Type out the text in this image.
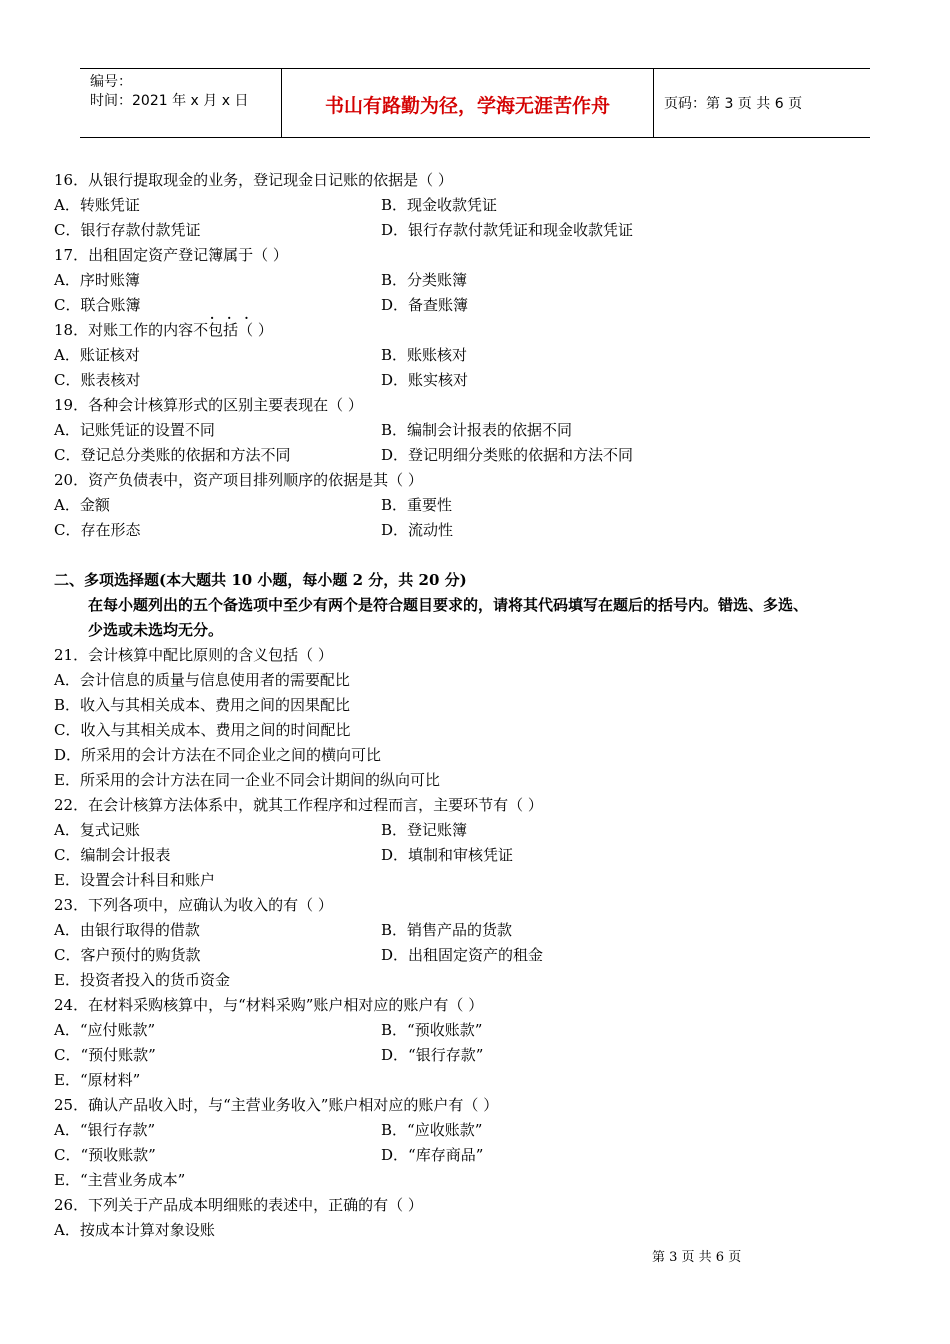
编号：
时间：2021 年 x 月 x 日	书山有路勤为径，学海无涯苦作舟	页码：第 3 页 共 6 页
16．从银行提取现金的业务，登记现金日记账的依据是（ ）
A．转账凭证	B．现金收款凭证
C．银行存款付款凭证	D．银行存款付款凭证和现金收款凭证
17．出租固定资产登记簿属于（ ）
A．序时账簿	B．分类账簿
C．联合账簿	D．备查账簿
18．对账工作的内容不包括（ ）
···
A．账证核对	B．账账核对
C．账表核对	D．账实核对
19．各种会计核算形式的区别主要表现在（ ）
A．记账凭证的设置不同	B．编制会计报表的依据不同
C．登记总分类账的依据和方法不同	D．登记明细分类账的依据和方法不同
20．资产负债表中，资产项目排列顺序的依据是其（ ）
A．金额	B．重要性
C．存在形态	D．流动性
二、多项选择题(本大题共 10 小题，每小题 2 分，共 20 分)
在每小题列出的五个备选项中至少有两个是符合题目要求的，请将其代码填写在题后的括号内。错选、多选、
少选或未选均无分。
21．会计核算中配比原则的含义包括（ ）
A．会计信息的质量与信息使用者的需要配比
B．收入与其相关成本、费用之间的因果配比
C．收入与其相关成本、费用之间的时间配比
D．所采用的会计方法在不同企业之间的横向可比
E．所采用的会计方法在同一企业不同会计期间的纵向可比
22．在会计核算方法体系中，就其工作程序和过程而言，主要环节有（ ）
A．复式记账	B．登记账簿
C．编制会计报表	D．填制和审核凭证
E．设置会计科目和账户
23．下列各项中，应确认为收入的有（ ）
A．由银行取得的借款	B．销售产品的货款
C．客户预付的购货款	D．出租固定资产的租金
E．投资者投入的货币资金
24．在材料采购核算中，与“材料采购”账户相对应的账户有（ ）
A．“应付账款”	B．“预收账款”
C．“预付账款”	D．“银行存款”
E．“原材料”
25．确认产品收入时，与“主营业务收入”账户相对应的账户有（ ）
A．“银行存款”	B．“应收账款”
C．“预收账款”	D．“库存商品”
E．“主营业务成本”
26．下列关于产品成本明细账的表述中，正确的有（ ）
A．按成本计算对象设账
第 3 页 共 6 页
